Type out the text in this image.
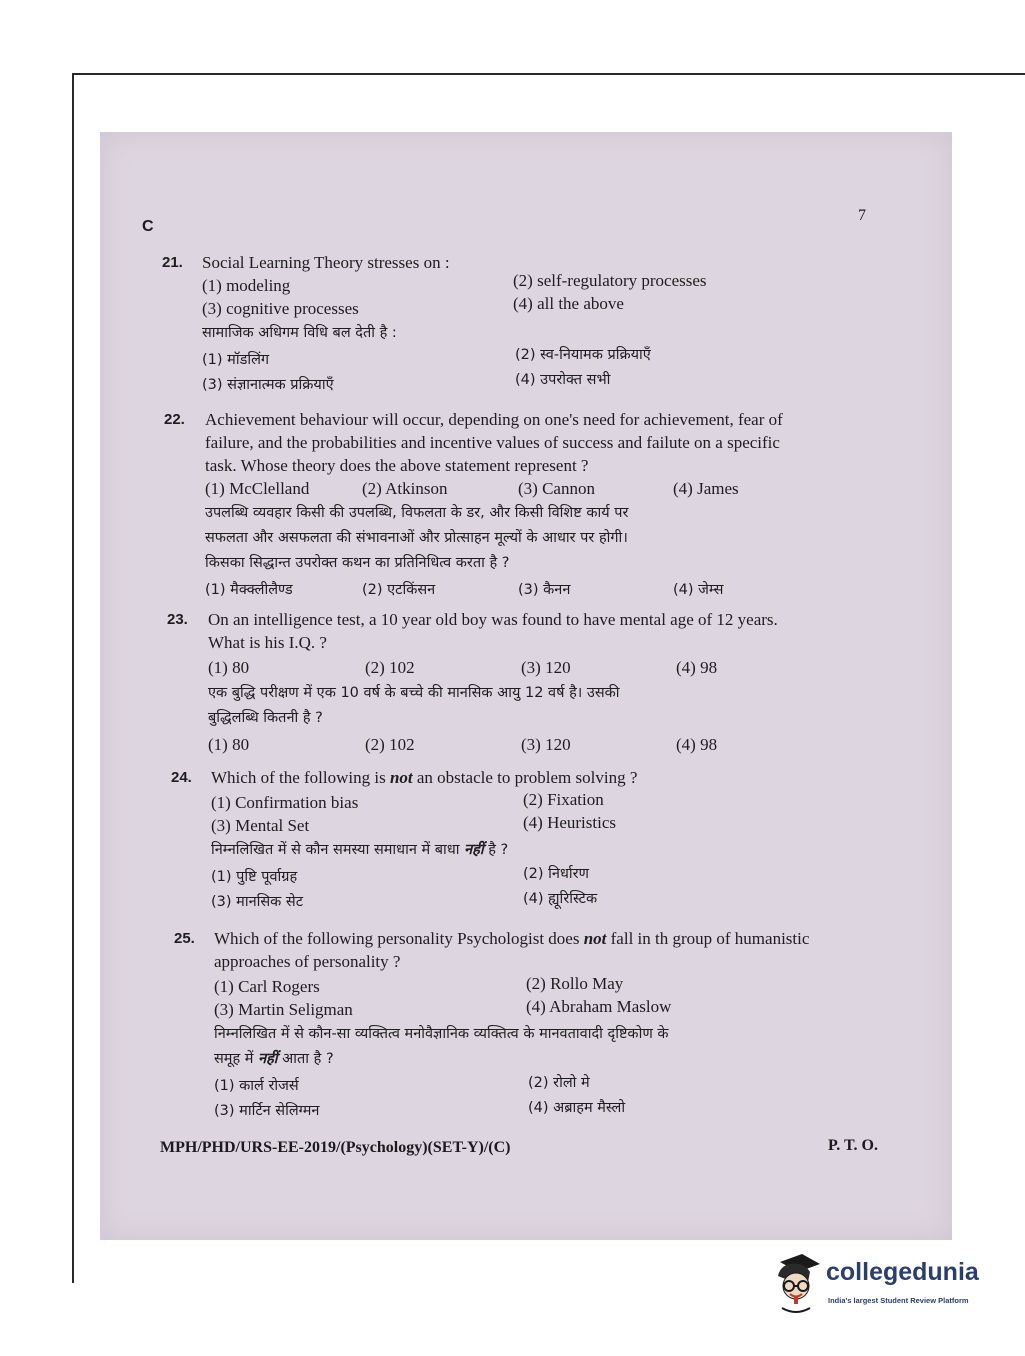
C
7
21. Social Learning Theory stresses on :
(1) modeling	(2) self-regulatory processes
(3) cognitive processes	(4) all the above
सामाजिक अधिगम विधि बल देती है :
(1) मॉडलिंग	(2) स्व-नियामक प्रक्रियाएँ
(3) संज्ञानात्मक प्रक्रियाएँ	(4) उपरोक्त सभी
22. Achievement behaviour will occur, depending on one's need for achievement, fear of
failure, and the probabilities and incentive values of success and failute on a specific
task. Whose theory does the above statement represent ?
(1) McClelland	(2) Atkinson	(3) Cannon	(4) James
उपलब्धि व्यवहार किसी की उपलब्धि, विफलता के डर, और किसी विशिष्ट कार्य पर
सफलता और असफलता की संभावनाओं और प्रोत्साहन मूल्यों के आधार पर होगी।
किसका सिद्धान्त उपरोक्त कथन का प्रतिनिधित्व करता है ?
(1) मैक्क्लीलैण्ड	(2) एटकिंसन	(3) कैनन	(4) जेम्स
23. On an intelligence test, a 10 year old boy was found to have mental age of 12 years.
What is his I.Q. ?
(1) 80	(2) 102	(3) 120	(4) 98
एक बुद्धि परीक्षण में एक 10 वर्ष के बच्चे की मानसिक आयु 12 वर्ष है। उसकी
बुद्धिलब्धि कितनी है ?
(1) 80	(2) 102	(3) 120	(4) 98
24. Which of the following is not an obstacle to problem solving ?
(1) Confirmation bias	(2) Fixation
(3) Mental Set	(4) Heuristics
निम्नलिखित में से कौन समस्या समाधान में बाधा नहीं है ?
(1) पुष्टि पूर्वाग्रह	(2) निर्धारण
(3) मानसिक सेट	(4) ह्यूरिस्टिक
25. Which of the following personality Psychologist does not fall in th group of humanistic
approaches of personality ?
(1) Carl Rogers	(2) Rollo May
(3) Martin Seligman	(4) Abraham Maslow
निम्नलिखित में से कौन-सा व्यक्तित्व मनोवैज्ञानिक व्यक्तित्व के मानवतावादी दृष्टिकोण के
समूह में नहीं आता है ?
(1) कार्ल रोजर्स	(2) रोलो मे
(3) मार्टिन सेलिग्मन	(4) अब्राहम मैस्लो
MPH/PHD/URS-EE-2019/(Psychology)(SET-Y)/(C)	P. T. O.
collegedunia
India's largest Student Review Platform
